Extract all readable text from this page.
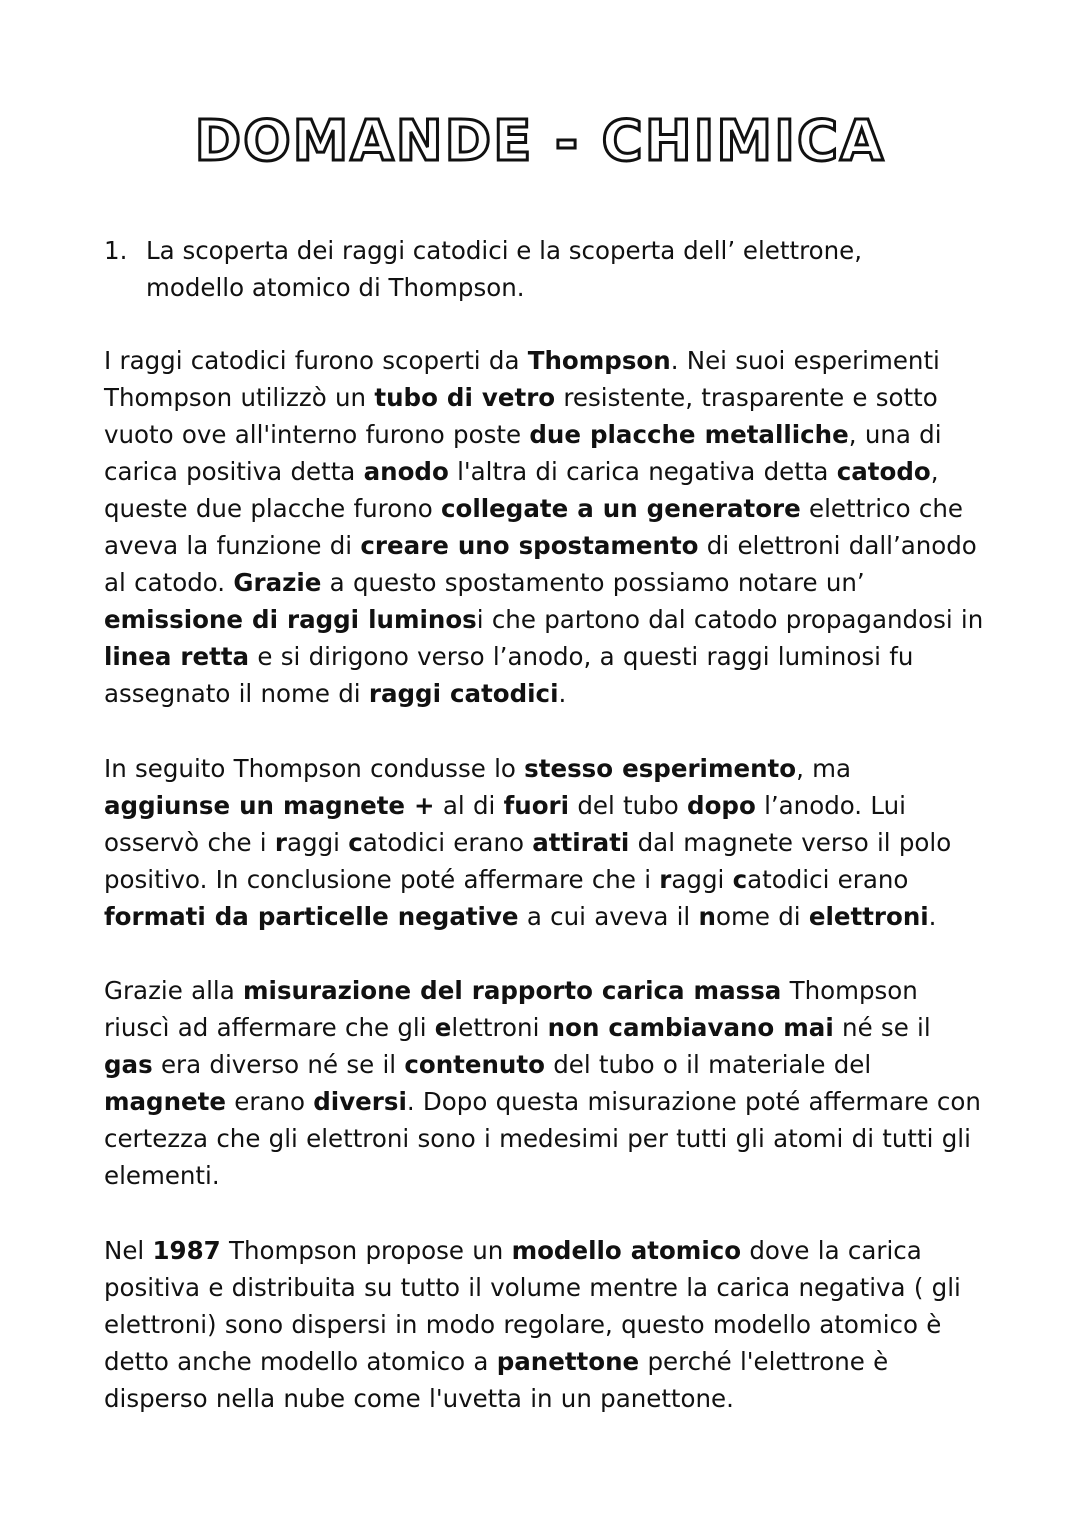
DOMANDE - CHIMICA
1. La scoperta dei raggi catodici e la scoperta dell’ elettrone,
modello atomico di Thompson.

I raggi catodici furono scoperti da Thompson. Nei suoi esperimenti Thompson utilizzò un tubo di vetro resistente, trasparente e sotto vuoto ove all'interno furono poste due placche metalliche, una di carica positiva detta anodo l'altra di carica negativa detta catodo, queste due placche furono collegate a un generatore elettrico che aveva la funzione di creare uno spostamento di elettroni dall’anodo al catodo. Grazie a questo spostamento possiamo notare un’ emissione di raggi luminosi che partono dal catodo propagandosi in linea retta e si dirigono verso l’anodo, a questi raggi luminosi fu assegnato il nome di raggi catodici.

In seguito Thompson condusse lo stesso esperimento, ma aggiunse un magnete + al di fuori del tubo dopo l’anodo. Lui osservò che i raggi catodici erano attirati dal magnete verso il polo positivo. In conclusione poté affermare che i raggi catodici erano formati da particelle negative a cui aveva il nome di elettroni.

Grazie alla misurazione del rapporto carica massa Thompson riuscì ad affermare che gli elettroni non cambiavano mai né se il gas era diverso né se il contenuto del tubo o il materiale del magnete erano diversi. Dopo questa misurazione poté affermare con certezza che gli elettroni sono i medesimi per tutti gli atomi di tutti gli elementi.

Nel 1987 Thompson propose un modello atomico dove la carica positiva e distribuita su tutto il volume mentre la carica negativa ( gli elettroni) sono dispersi in modo regolare, questo modello atomico è detto anche modello atomico a panettone perché l'elettrone è disperso nella nube come l'uvetta in un panettone.
